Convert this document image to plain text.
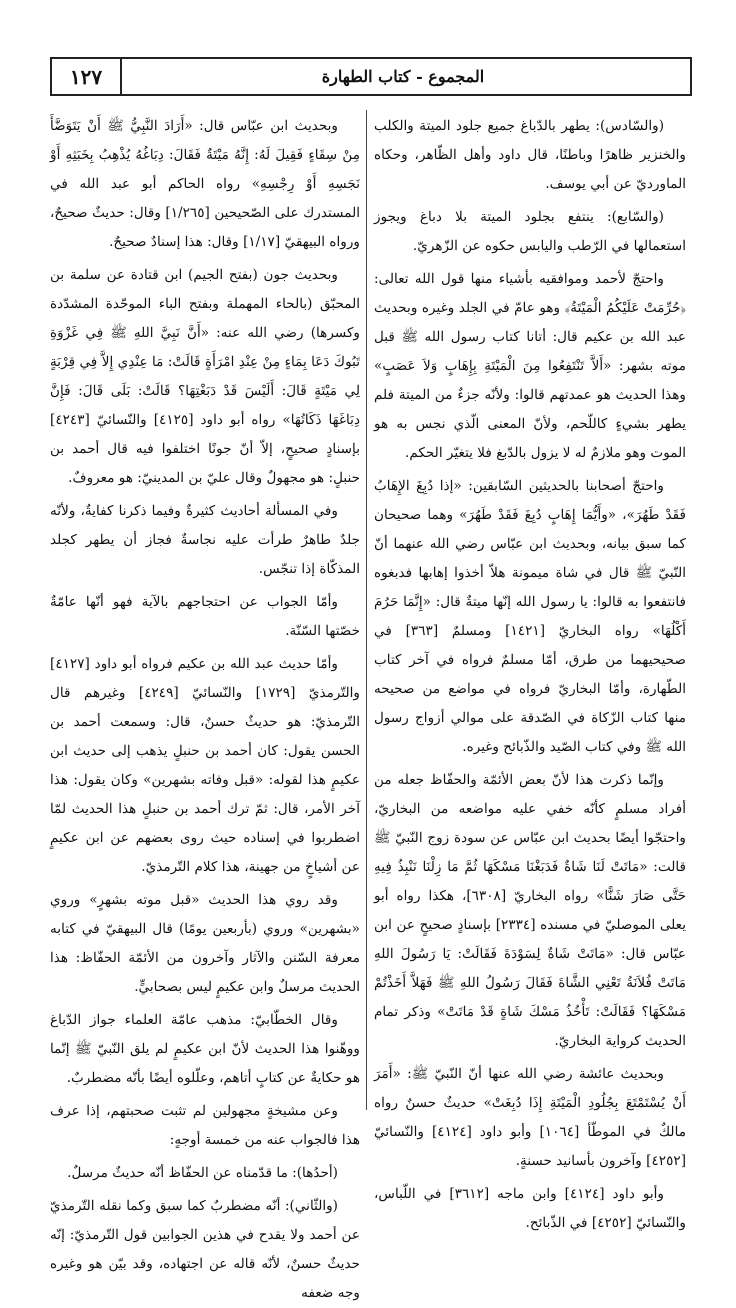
١٢٧	المجموع - كتاب الطهارة

(والسّادس): يطهر بالدّباغ جميع جلود الميتة والكلب والخنزير ظاهرًا وباطنًا، قال داود وأهل الظّاهر، وحكاه الماورديّ عن أبي يوسف.

(والسّابع): ينتفع بجلود الميتة بلا دباغ ويجوز استعمالها في الرّطب واليابس حكوه عن الزّهريّ.

واحتجّ لأحمد وموافقيه بأشياء منها قول الله تعالى: ﴿حُرِّمَتْ عَلَيْكُمُ الْمَيْتَةُ﴾ وهو عامّ في الجلد وغيره وبحديث عبد الله بن عكيم قال: أتانا كتاب رسول الله ﷺ قبل موته بشهر: «أَلاَّ تَنْتَفِعُوا مِنَ الْمَيْتَةِ بِإِهَابٍ وَلاَ عَصَبٍ» وهذا الحديث هو عمدتهم قالوا: ولأنّه جزءٌ من الميتة فلم يطهر بشيءٍ كاللّحم، ولأنّ المعنى الّذي نجس به هو الموت وهو ملازمٌ له لا يزول بالدّبغ فلا يتغيّر الحكم.

واحتجّ أصحابنا بالحديثين السّابقين: «إذا دُبِغَ الإِهَابُ فَقَدْ طَهُرَ»، «وأَيُّمَا إِهَابٍ دُبِغَ فَقَدْ طَهُرَ» وهما صحيحان كما سبق بيانه، وبحديث ابن عبّاس رضي الله عنهما أنّ النّبيّ ﷺ قال في شاة ميمونة هلاّ أخذوا إهابها فدبغوه فانتفعوا به قالوا: يا رسول الله إنّها ميتةٌ قال: «إِنَّمَا حَرُمَ أَكْلُهَا» رواه البخاريّ [١٤٢١] ومسلمٌ [٣٦٣] في صحيحيهما من طرق، أمّا مسلمٌ فرواه في آخر كتاب الطّهارة، وأمّا البخاريّ فرواه في مواضع من صحيحه منها كتاب الزّكاة في الصّدقة على موالي أزواج رسول الله ﷺ وفي كتاب الصّيد والذّبائح وغيره.

وإنّما ذكرت هذا لأنّ بعض الأئمّة والحفّاظ جعله من أفراد مسلمٍ كأنّه خفي عليه مواضعه من البخاريّ، واحتجّوا أيضًا بحديث ابن عبّاس عن سودة زوج النّبيّ ﷺ قالت: «مَاتَتْ لَنَا شَاةٌ فَدَبَغْنَا مَسْكَهَا ثُمَّ مَا زِلْنَا نَنْبِذُ فِيهِ حَتَّى صَارَ شَنًّا» رواه البخاريّ [٦٣٠٨]، هكذا رواه أبو يعلى الموصليّ في مسنده [٢٣٣٤] بإسنادٍ صحيحٍ عن ابن عبّاس قال: «مَاتَتْ شَاةٌ لِسَوْدَةَ فَقَالَتْ: يَا رَسُولَ اللهِ مَاتَتْ فُلاَنَةُ تَعْنِي الشَّاةَ فَقَالَ رَسُولُ اللهِ ﷺ فَهَلاَّ أَخَذْتُمْ مَسْكَهَا؟ فَقَالَتْ: تَأْخُذُ مَسْكَ شَاةٍ قَدْ مَاتَتْ» وذكر تمام الحديث كرواية البخاريّ.

وبحديث عائشة رضي الله عنها أنّ النّبيّ ﷺ: «أَمَرَ أَنْ يُسْتَمْتَعَ بِجُلُودِ الْمَيْتَةِ إِذَا دُبِغَتْ» حديثٌ حسنٌ رواه مالكٌ في الموطّأ [١٠٦٤] وأبو داود [٤١٢٤] والنّسائيّ [٤٢٥٢] وآخرون بأسانيد حسنةٍ.

وأبو داود [٤١٢٤] وابن ماجه [٣٦١٢] في اللّباس، والنّسائيّ [٤٢٥٢] في الذّبائح.

وبحديث ابن عبّاس قال: «أَرَادَ النَّبِيُّ ﷺ أَنْ يَتَوَضَّأَ مِنْ سِقَاءٍ فَقِيلَ لَهُ: إِنَّهُ مَيْتَةٌ فَقَالَ: دِبَاغُهُ يُذْهِبُ بِخَبَثِهِ أَوْ نَجَسِهِ أَوْ رِجْسِهِ» رواه الحاكم أبو عبد الله في المستدرك على الصّحيحين [١/٢٦٥] وقال: حديثٌ صحيحٌ، ورواه البيهقيّ [١/١٧] وقال: هذا إسنادٌ صحيحٌ.

وبحديث جون (بفتح الجيم) ابن قتادة عن سلمة بن المحبّق (بالحاء المهملة وبفتح الباء الموحّدة المشدّدة وكسرها) رضي الله عنه: «أَنَّ نَبِيَّ اللهِ ﷺ فِي غَزْوَةِ تَبُوكَ دَعَا بِمَاءٍ مِنْ عِنْدِ امْرَأَةٍ قَالَتْ: مَا عِنْدِي إِلاَّ فِي قِرْبَةٍ لِي مَيْتَةٍ قَالَ: أَلَيْسَ قَدْ دَبَغْتِهَا؟ قَالَتْ: بَلَى قَالَ: فَإِنَّ دِبَاغَهَا ذَكَاتُهَا» رواه أبو داود [٤١٢٥] والنّسائيّ [٤٢٤٣] بإسنادٍ صحيحٍ، إلاّ أنّ جونًا اختلفوا فيه قال أحمد بن حنبلٍ: هو مجهولٌ وقال عليّ بن المدينيّ: هو معروفٌ.

وفي المسألة أحاديث كثيرةٌ وفيما ذكرنا كفايةٌ، ولأنّه جلدٌ طاهرٌ طرأت عليه نجاسةٌ فجاز أن يطهر كجلد المذكّاة إذا تنجّس.

وأمّا الجواب عن احتجاجهم بالآية فهو أنّها عامّةٌ خصّتها السّنّة.

وأمّا حديث عبد الله بن عكيم فرواه أبو داود [٤١٢٧] والتّرمذيّ [١٧٢٩] والنّسائيّ [٤٢٤٩] وغيرهم قال التّرمذيّ: هو حديثٌ حسنٌ، قال: وسمعت أحمد بن الحسن يقول: كان أحمد بن حنبلٍ يذهب إلى حديث ابن عكيمٍ هذا لقوله: «قبل وفاته بشهرين» وكان يقول: هذا آخر الأمر، قال: ثمّ ترك أحمد بن حنبلٍ هذا الحديث لمّا اضطربوا في إسناده حيث روى بعضهم عن ابن عكيمٍ عن أشياخٍ من جهينة، هذا كلام التّرمذيّ.

وقد روي هذا الحديث «قبل موته بشهرٍ» وروي «بشهرين» وروي (بأربعين يومًا) قال البيهقيّ في كتابه معرفة السّنن والآثار وآخرون من الأئمّة الحفّاظ: هذا الحديث مرسلٌ وابن عكيمٍ ليس بصحابيٍّ.

وقال الخطّابيّ: مذهب عامّة العلماء جواز الدّباغ ووهّنوا هذا الحديث لأنّ ابن عكيمٍ لم يلق النّبيّ ﷺ إنّما هو حكايةٌ عن كتابٍ أتاهم، وعلّلوه أيضًا بأنّه مضطربٌ.

وعن مشيخةٍ مجهولين لم تثبت صحبتهم، إذا عرف هذا فالجواب عنه من خمسة أوجهٍ:

(أحدُها): ما قدّمناه عن الحفّاظ أنّه حديثٌ مرسلٌ.

(والثّاني): أنّه مضطربٌ كما سبق وكما نقله التّرمذيّ عن أحمد ولا يقدح في هذين الجوابين قول التّرمذيّ: إنّه حديثٌ حسنٌ، لأنّه قاله عن اجتهاده، وقد بيّن هو وغيره وجه ضعفه
